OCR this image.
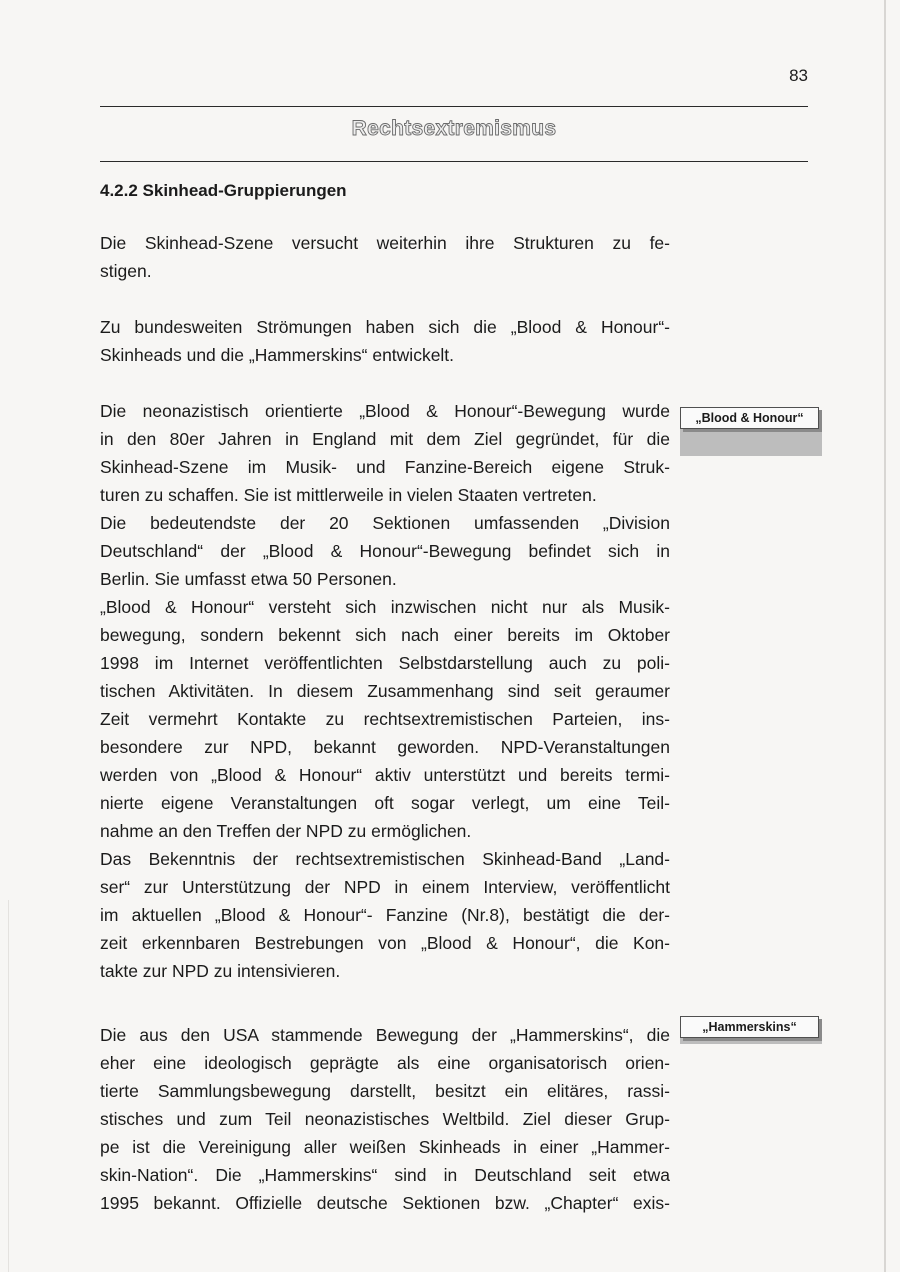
83
Rechtsextremismus
4.2.2 Skinhead-Gruppierungen
Die Skinhead-Szene versucht weiterhin ihre Strukturen zu fe-
stigen.
Zu bundesweiten Strömungen haben sich die „Blood & Honour“-
Skinheads und die „Hammerskins“ entwickelt.
Die neonazistisch orientierte „Blood & Honour“-Bewegung wurde
in den 80er Jahren in England mit dem Ziel gegründet, für die
Skinhead-Szene im Musik- und Fanzine-Bereich eigene Struk-
turen zu schaffen. Sie ist mittlerweile in vielen Staaten vertreten.
Die bedeutendste der 20 Sektionen umfassenden „Division
Deutschland“ der „Blood & Honour“-Bewegung befindet sich in
Berlin. Sie umfasst etwa 50 Personen.
„Blood & Honour“ versteht sich inzwischen nicht nur als Musik-
bewegung, sondern bekennt sich nach einer bereits im Oktober
1998 im Internet veröffentlichten Selbstdarstellung auch zu poli-
tischen Aktivitäten. In diesem Zusammenhang sind seit geraumer
Zeit vermehrt Kontakte zu rechtsextremistischen Parteien, ins-
besondere zur NPD, bekannt geworden. NPD-Veranstaltungen
werden von „Blood & Honour“ aktiv unterstützt und bereits termi-
nierte eigene Veranstaltungen oft sogar verlegt, um eine Teil-
nahme an den Treffen der NPD zu ermöglichen.
Das Bekenntnis der rechtsextremistischen Skinhead-Band „Land-
ser“ zur Unterstützung der NPD in einem Interview, veröffentlicht
im aktuellen „Blood & Honour“- Fanzine (Nr.8), bestätigt die der-
zeit erkennbaren Bestrebungen von „Blood & Honour“, die Kon-
takte zur NPD zu intensivieren.
Die aus den USA stammende Bewegung der „Hammerskins“, die
eher eine ideologisch geprägte als eine organisatorisch orien-
tierte Sammlungsbewegung darstellt, besitzt ein elitäres, rassi-
stisches und zum Teil neonazistisches Weltbild. Ziel dieser Grup-
pe ist die Vereinigung aller weißen Skinheads in einer „Hammer-
skin-Nation“. Die „Hammerskins“ sind in Deutschland seit etwa
1995 bekannt. Offizielle deutsche Sektionen bzw. „Chapter“ exis-
„Blood & Honour“
„Hammerskins“
